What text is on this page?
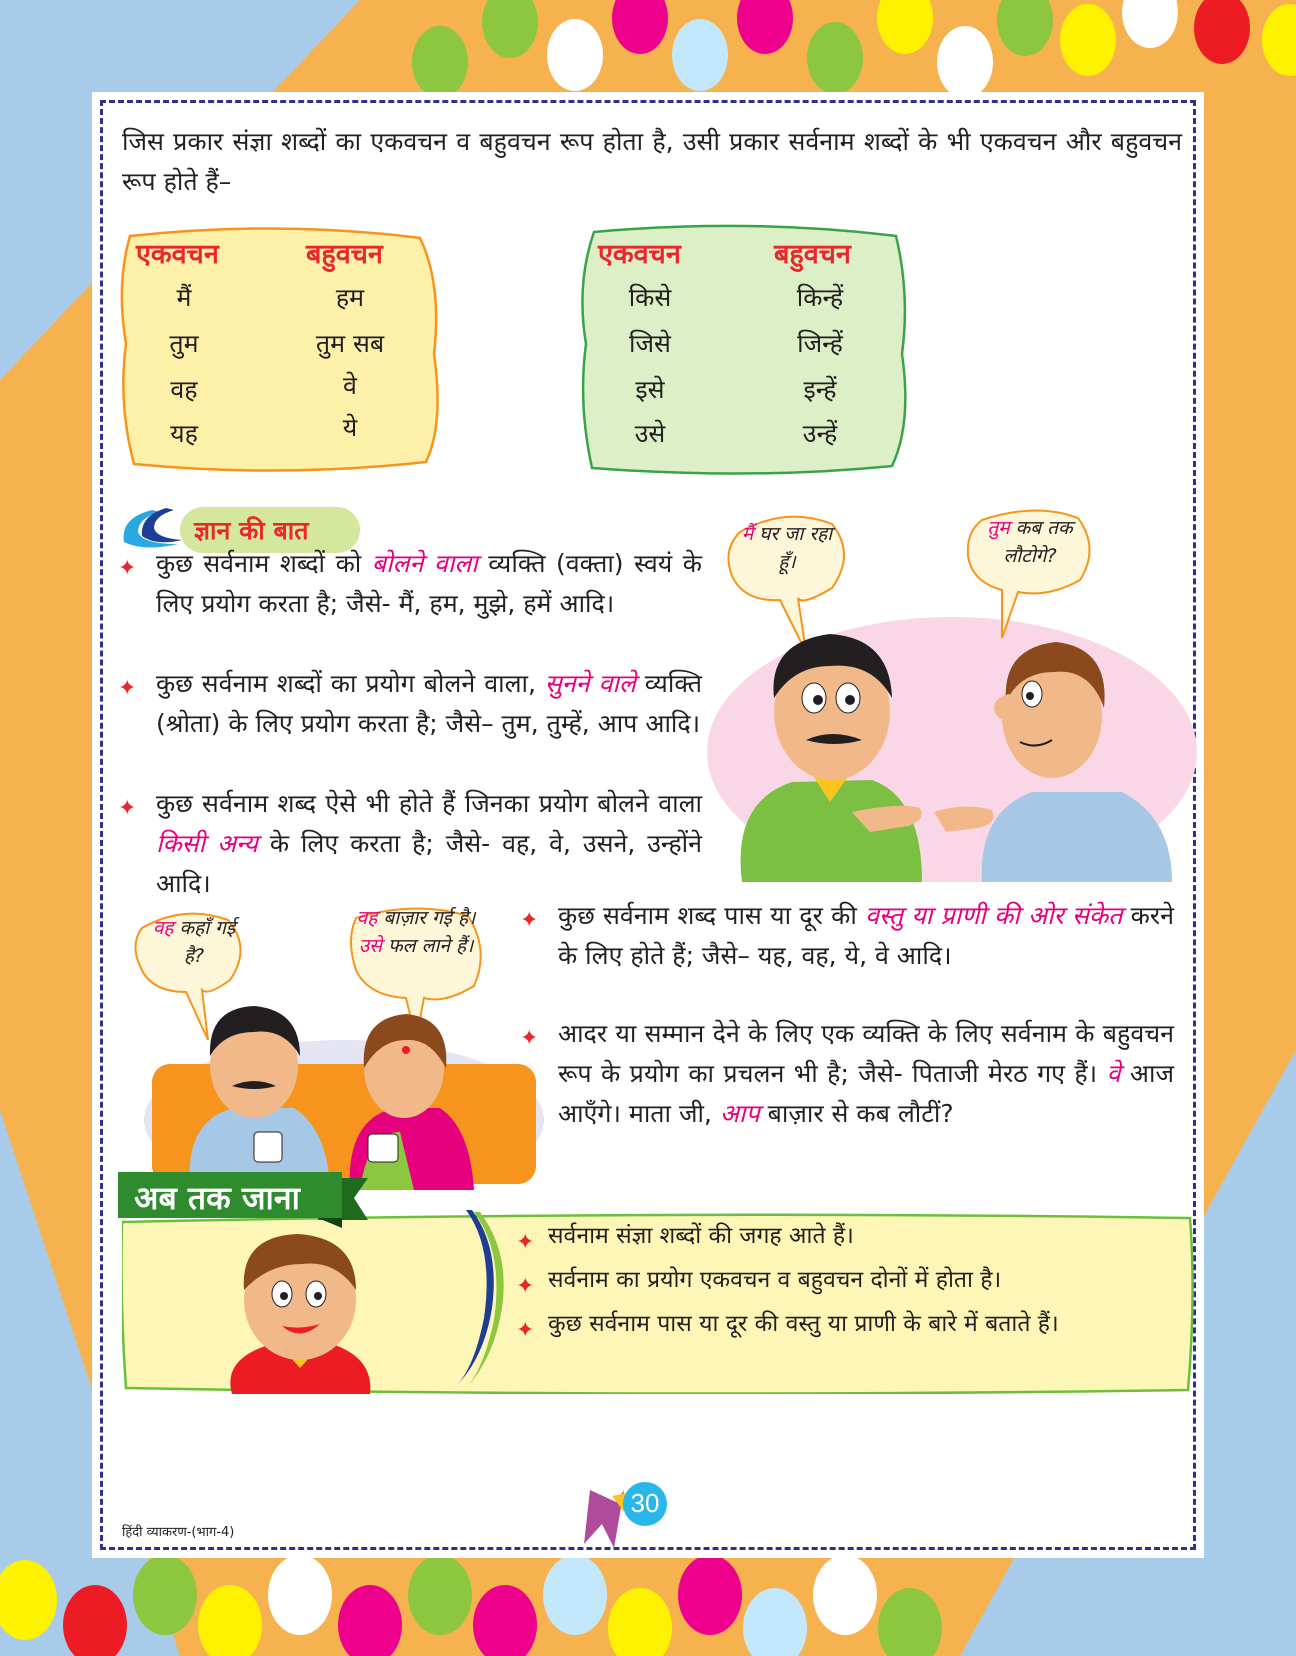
जिस प्रकार संज्ञा शब्दों का एकवचन व बहुवचन रूप होता है, उसी प्रकार सर्वनाम शब्दों के भी एकवचन और बहुवचन रूप होते हैं–

एकवचन	बहुवचन
मैं	हम
तुम	तुम सब
वह	वे
यह	ये
एकवचन	बहुवचन
किसे	किन्हें
जिसे	जिन्हें
इसे	इन्हें
उसे	उन्हें
ज्ञान की बात
✦ कुछ सर्वनाम शब्दों को बोलने वाला व्यक्ति (वक्ता) स्वयं के लिए प्रयोग करता है; जैसे- मैं, हम, मुझे, हमें आदि।

✦ कुछ सर्वनाम शब्दों का प्रयोग बोलने वाला, सुनने वाले व्यक्ति (श्रोता) के लिए प्रयोग करता है; जैसे– तुम, तुम्हें, आप आदि।

✦ कुछ सर्वनाम शब्द ऐसे भी होते हैं जिनका प्रयोग बोलने वाला किसी अन्य के लिए करता है; जैसे- वह, वे, उसने, उन्होंने आदि।

✦ कुछ सर्वनाम शब्द पास या दूर की वस्तु या प्राणी की ओर संकेत करने के लिए होते हैं; जैसे– यह, वह, ये, वे आदि।

✦ आदर या सम्मान देने के लिए एक व्यक्ति के लिए सर्वनाम के बहुवचन रूप के प्रयोग का प्रचलन भी है; जैसे- पिताजी मेरठ गए हैं। वे आज आएँगे। माता जी, आप बाज़ार से कब लौटीं?

मैं घर जा रहा हूँ।

तुम कब तक लौटोगे?

वह कहाँ गई है?

वह बाज़ार गई है। उसे फल लाने हैं।

अब तक जाना
✦ सर्वनाम संज्ञा शब्दों की जगह आते हैं।

✦ सर्वनाम का प्रयोग एकवचन व बहुवचन दोनों में होता है।

✦ कुछ सर्वनाम पास या दूर की वस्तु या प्राणी के बारे में बताते हैं।

हिंदी व्याकरण-(भाग-4)
30
